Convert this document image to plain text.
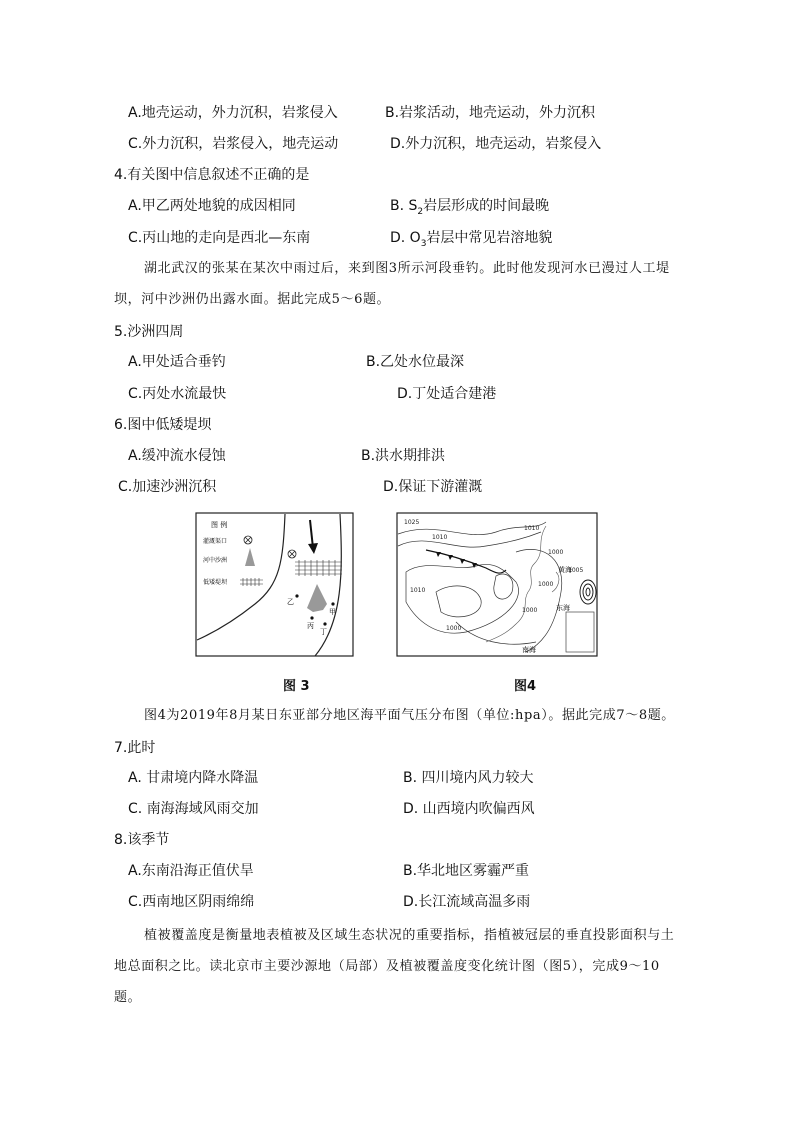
A.地壳运动，外力沉积，岩浆侵入	B.岩浆活动，地壳运动，外力沉积
C.外力沉积，岩浆侵入，地壳运动	D.外力沉积，地壳运动，岩浆侵入
4.有关图中信息叙述不正确的是
A.甲乙两处地貌的成因相同	B. $S_2$岩层形成的时间最晚
C.丙山地的走向是西北—东南	D. $O_3$岩层中常见岩溶地貌
湖北武汉的张某在某次中雨过后，来到图3所示河段垂钓。此时他发现河水已漫过人工堤坝，河中沙洲仍出露水面。据此完成5～6题。
5.沙洲四周
A.甲处适合垂钓	B.乙处水位最深
C.丙处水流最快	D.丁处适合建港
6.图中低矮堤坝
A.缓冲流水侵蚀	B.洪水期排洪
C.加速沙洲沉积	D.保证下游灌溉
图 例
灌溉渠口
河中沙洲
低矮堤坝
乙
甲
丙
丁
图 3
1025
1010
1010
1010
1000
1005
1000
1000
1000
黄海
东海
南海
图4
图4为2019年8月某日东亚部分地区海平面气压分布图（单位:hpa）。据此完成7～8题。
7.此时
A. 甘肃境内降水降温	B. 四川境内风力较大
C. 南海海域风雨交加	D. 山西境内吹偏西风
8.该季节
A.东南沿海正值伏旱	B.华北地区雾霾严重
C.西南地区阴雨绵绵	D.长江流域高温多雨
植被覆盖度是衡量地表植被及区域生态状况的重要指标，指植被冠层的垂直投影面积与土地总面积之比。读北京市主要沙源地（局部）及植被覆盖度变化统计图（图5），完成9～10题。
